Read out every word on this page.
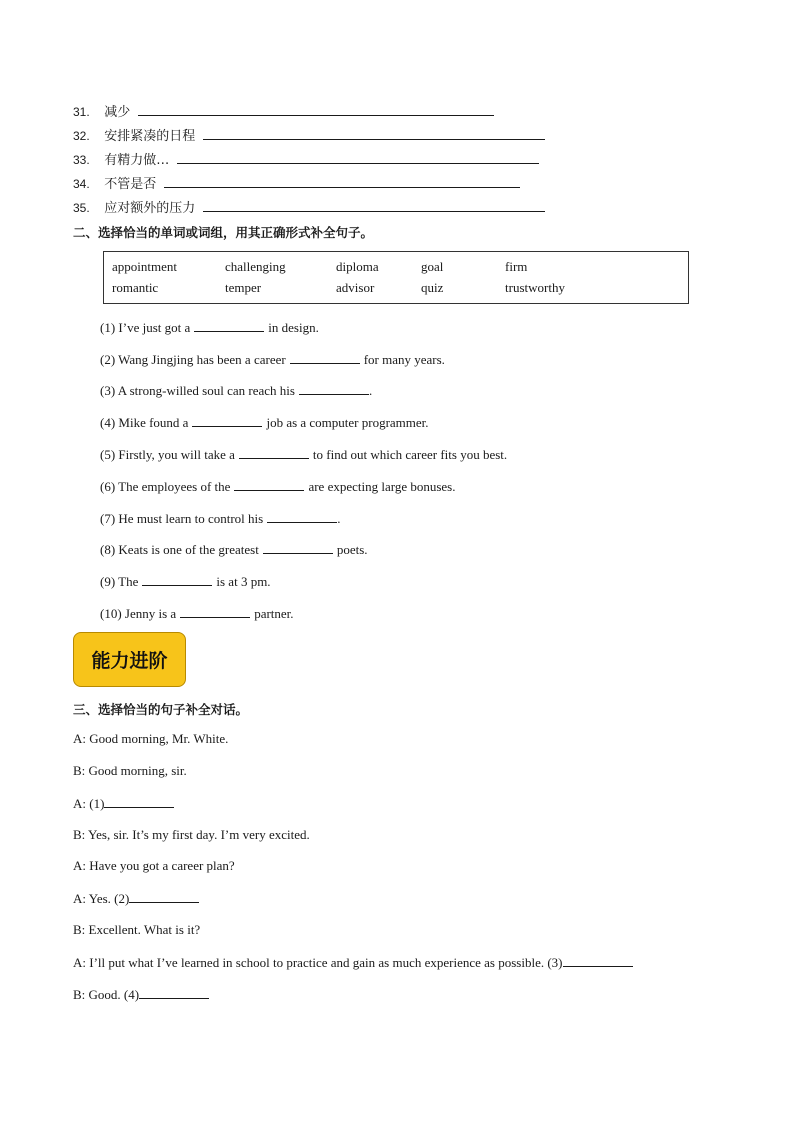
31. 减少
32. 安排紧凑的日程
33. 有精力做…
34. 不管是否
35. 应对额外的压力
二、选择恰当的单词或词组，用其正确形式补全句子。
appointment	challenging	diploma	goal	firm
romantic	temper	advisor	quiz	trustworthy
(1) I’ve just got a	in design.
(2) Wang Jingjing has been a career	for many years.
(3) A strong-willed soul can reach his	.
(4) Mike found a	job as a computer programmer.
(5) Firstly, you will take a	to find out which career fits you best.
(6) The employees of the	are expecting large bonuses.
(7) He must learn to control his	.
(8) Keats is one of the greatest	poets.
(9) The	is at 3 pm.
(10) Jenny is a	partner.
能力进阶
三、选择恰当的句子补全对话。
A: Good morning, Mr. White.
B: Good morning, sir.
A: (1)
B: Yes, sir. It’s my first day. I’m very excited.
A: Have you got a career plan?
A: Yes. (2)
B: Excellent. What is it?
A: I’ll put what I’ve learned in school to practice and gain as much experience as possible. (3)
B: Good. (4)
